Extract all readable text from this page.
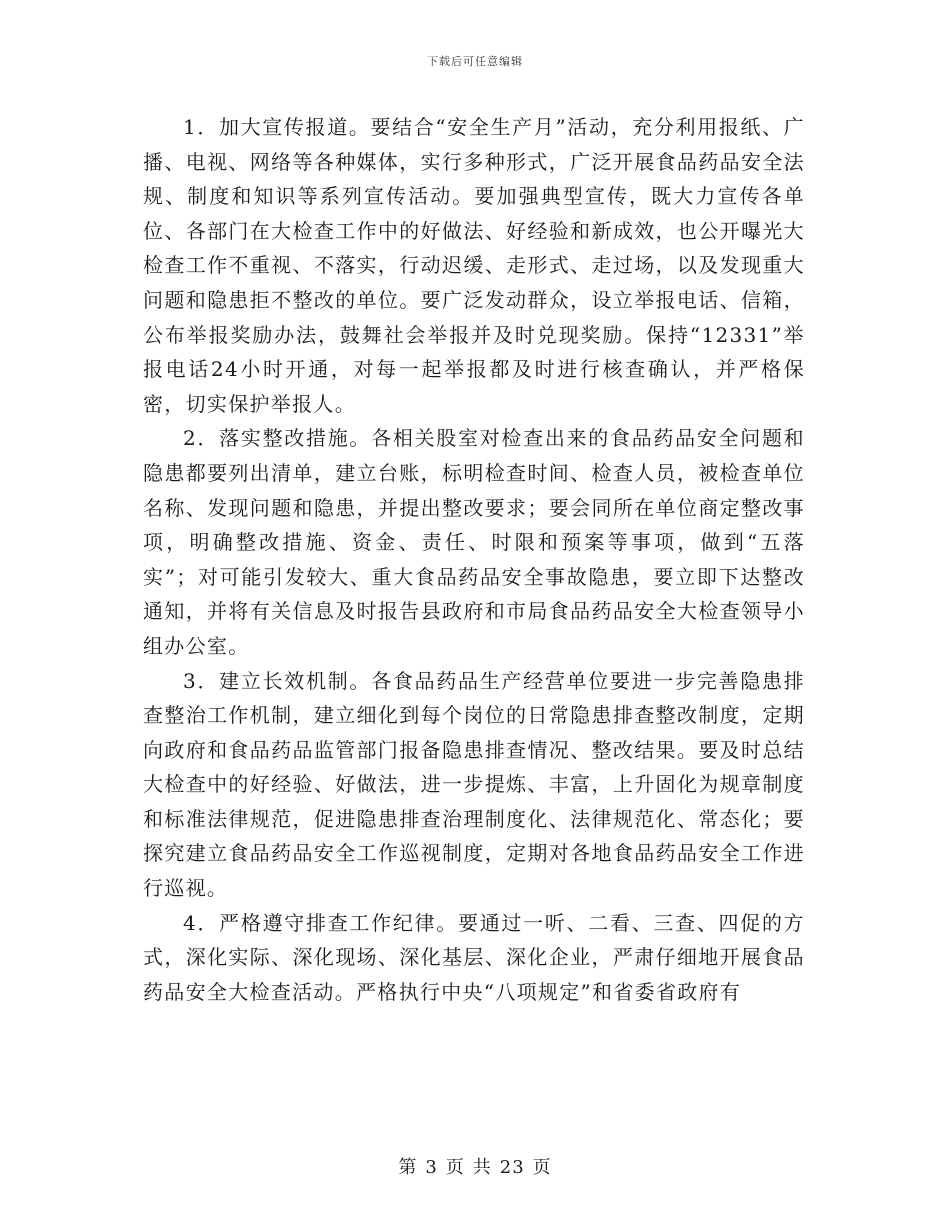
下载后可任意编辑

1．加大宣传报道。要结合“安全生产月”活动，充分利用报纸、广播、电视、网络等各种媒体，实行多种形式，广泛开展食品药品安全法规、制度和知识等系列宣传活动。要加强典型宣传，既大力宣传各单位、各部门在大检查工作中的好做法、好经验和新成效，也公开曝光大检查工作不重视、不落实，行动迟缓、走形式、走过场，以及发现重大问题和隐患拒不整改的单位。要广泛发动群众，设立举报电话、信箱，公布举报奖励办法，鼓舞社会举报并及时兑现奖励。保持“12331”举报电话24小时开通，对每一起举报都及时进行核查确认，并严格保密，切实保护举报人。

2．落实整改措施。各相关股室对检查出来的食品药品安全问题和隐患都要列出清单，建立台账，标明检查时间、检查人员，被检查单位名称、发现问题和隐患，并提出整改要求；要会同所在单位商定整改事项，明确整改措施、资金、责任、时限和预案等事项，做到“五落实”；对可能引发较大、重大食品药品安全事故隐患，要立即下达整改通知，并将有关信息及时报告县政府和市局食品药品安全大检查领导小组办公室。

3．建立长效机制。各食品药品生产经营单位要进一步完善隐患排查整治工作机制，建立细化到每个岗位的日常隐患排查整改制度，定期向政府和食品药品监管部门报备隐患排查情况、整改结果。要及时总结大检查中的好经验、好做法，进一步提炼、丰富，上升固化为规章制度和标准法律规范，促进隐患排查治理制度化、法律规范化、常态化；要探究建立食品药品安全工作巡视制度，定期对各地食品药品安全工作进行巡视。

4．严格遵守排查工作纪律。要通过一听、二看、三查、四促的方式，深化实际、深化现场、深化基层、深化企业，严肃仔细地开展食品药品安全大检查活动。严格执行中央“八项规定”和省委省政府有

第 3 页 共 23 页
